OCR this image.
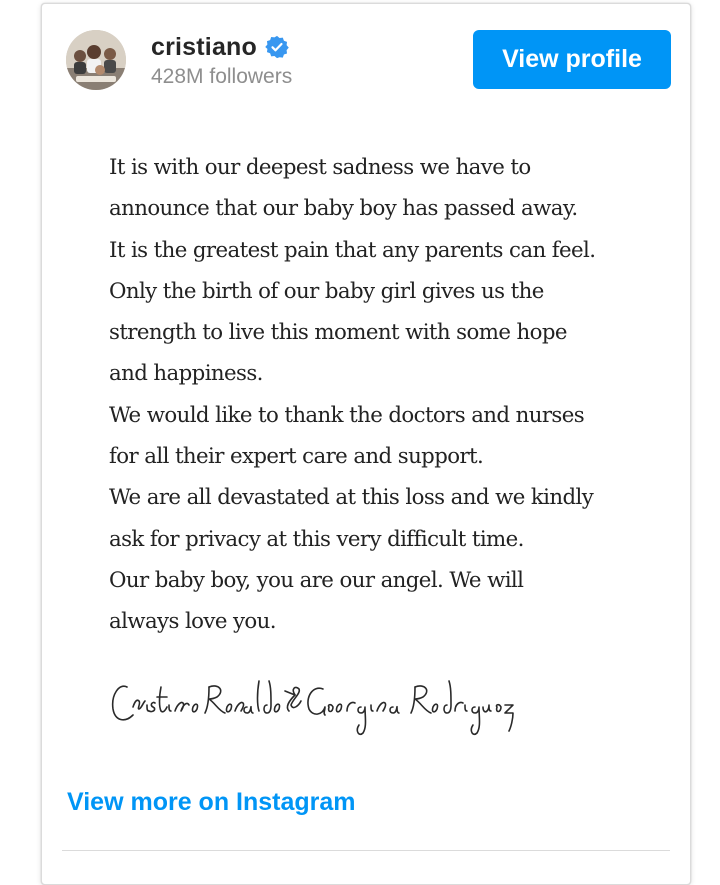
cristiano
428M followers
View profile
It is with our deepest sadness we have to
announce that our baby boy has passed away.
It is the greatest pain that any parents can feel.
Only the birth of our baby girl gives us the
strength to live this moment with some hope
and happiness.
We would like to thank the doctors and nurses
for all their expert care and support.
We are all devastated at this loss and we kindly
ask for privacy at this very difficult time.
Our baby boy, you are our angel. We will
always love you.
View more on Instagram
